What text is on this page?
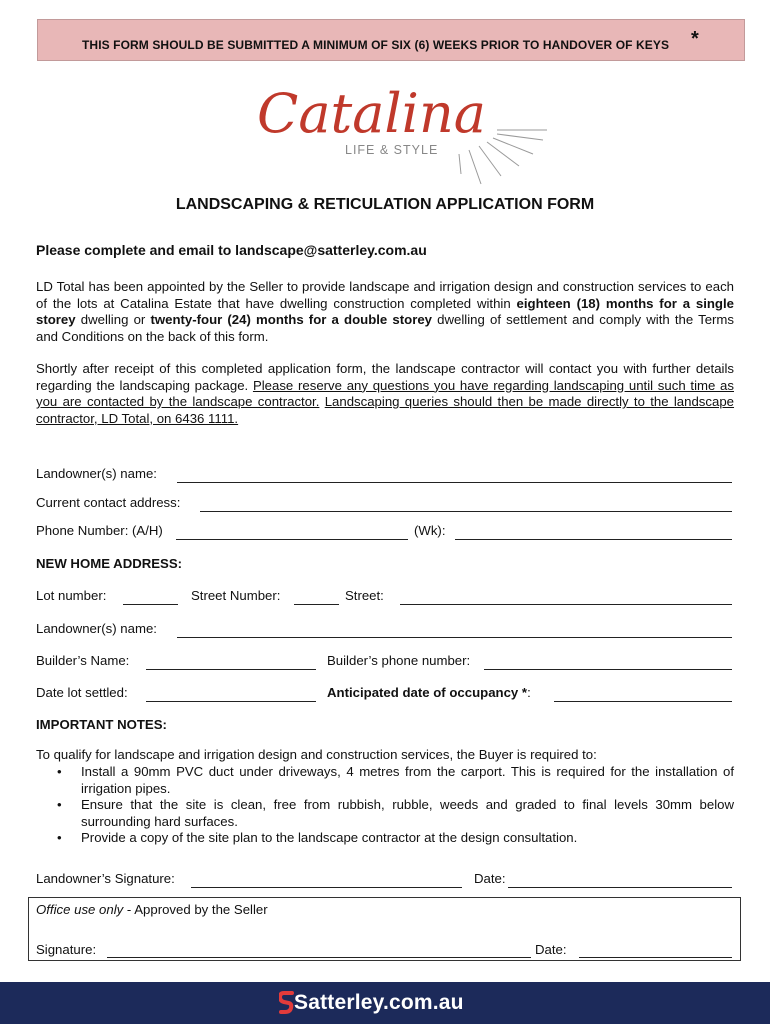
THIS FORM SHOULD BE SUBMITTED A MINIMUM OF SIX (6) WEEKS PRIOR TO HANDOVER OF KEYS *
Catalina
LIFE & STYLE
LANDSCAPING & RETICULATION APPLICATION FORM
Please complete and email to landscape@satterley.com.au
LD Total has been appointed by the Seller to provide landscape and irrigation design and construction services to each of the lots at Catalina Estate that have dwelling construction completed within eighteen (18) months for a single storey dwelling or twenty-four (24) months for a double storey dwelling of settlement and comply with the Terms and Conditions on the back of this form.
Shortly after receipt of this completed application form, the landscape contractor will contact you with further details regarding the landscaping package. Please reserve any questions you have regarding landscaping until such time as you are contacted by the landscape contractor. Landscaping queries should then be made directly to the landscape contractor, LD Total, on 6436 1111.
Landowner(s) name:
Current contact address:
Phone Number: (A/H)	(Wk):
NEW HOME ADDRESS:
Lot number:	Street Number:	Street:
Landowner(s) name:
Builder’s Name:	Builder’s phone number:
Date lot settled:	Anticipated date of occupancy *:
IMPORTANT NOTES:
To qualify for landscape and irrigation design and construction services, the Buyer is required to:
• Install a 90mm PVC duct under driveways, 4 metres from the carport. This is required for the installation of irrigation pipes.
• Ensure that the site is clean, free from rubbish, rubble, weeds and graded to final levels 30mm below surrounding hard surfaces.
• Provide a copy of the site plan to the landscape contractor at the design consultation.
Landowner’s Signature:	Date:
Office use only - Approved by the Seller
Signature:	Date:
Satterley.com.au
